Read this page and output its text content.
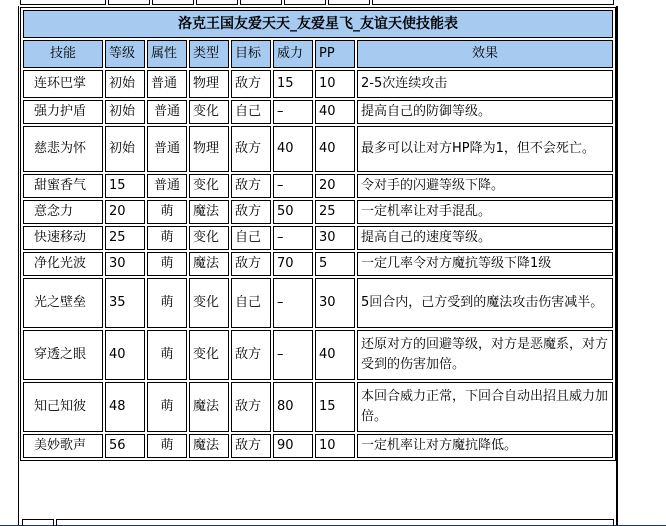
洛克王国友爱天天_友爱星飞_友谊天使技能表							
技能	等级	属性	类型	目标	威力	PP	效果
连环巴掌	初始	普通	物理	敌方	15	10	2-5次连续攻击
强力护盾	初始	普通	变化	自己	–	40	提高自己的防御等级。
慈悲为怀	初始	普通	物理	敌方	40	40	最多可以让对方HP降为1，但不会死亡。
甜蜜香气	15	普通	变化	敌方	–	20	令对手的闪避等级下降。
意念力	20	萌	魔法	敌方	50	25	一定机率让对手混乱。
快速移动	25	萌	变化	自己	–	30	提高自己的速度等级。
净化光波	30	萌	魔法	敌方	70	5	一定几率令对方魔抗等级下降1级
光之壁垒	35	萌	变化	自己	–	30	5回合内，己方受到的魔法攻击伤害减半。
穿透之眼	40	萌	变化	敌方	–	40	还原对方的回避等级，对方是恶魔系，对方受到的伤害加倍。
知己知彼	48	萌	魔法	敌方	80	15	本回合威力正常，下回合自动出招且威力加倍。
美妙歌声	56	萌	魔法	敌方	90	10	一定机率让对方魔抗降低。
